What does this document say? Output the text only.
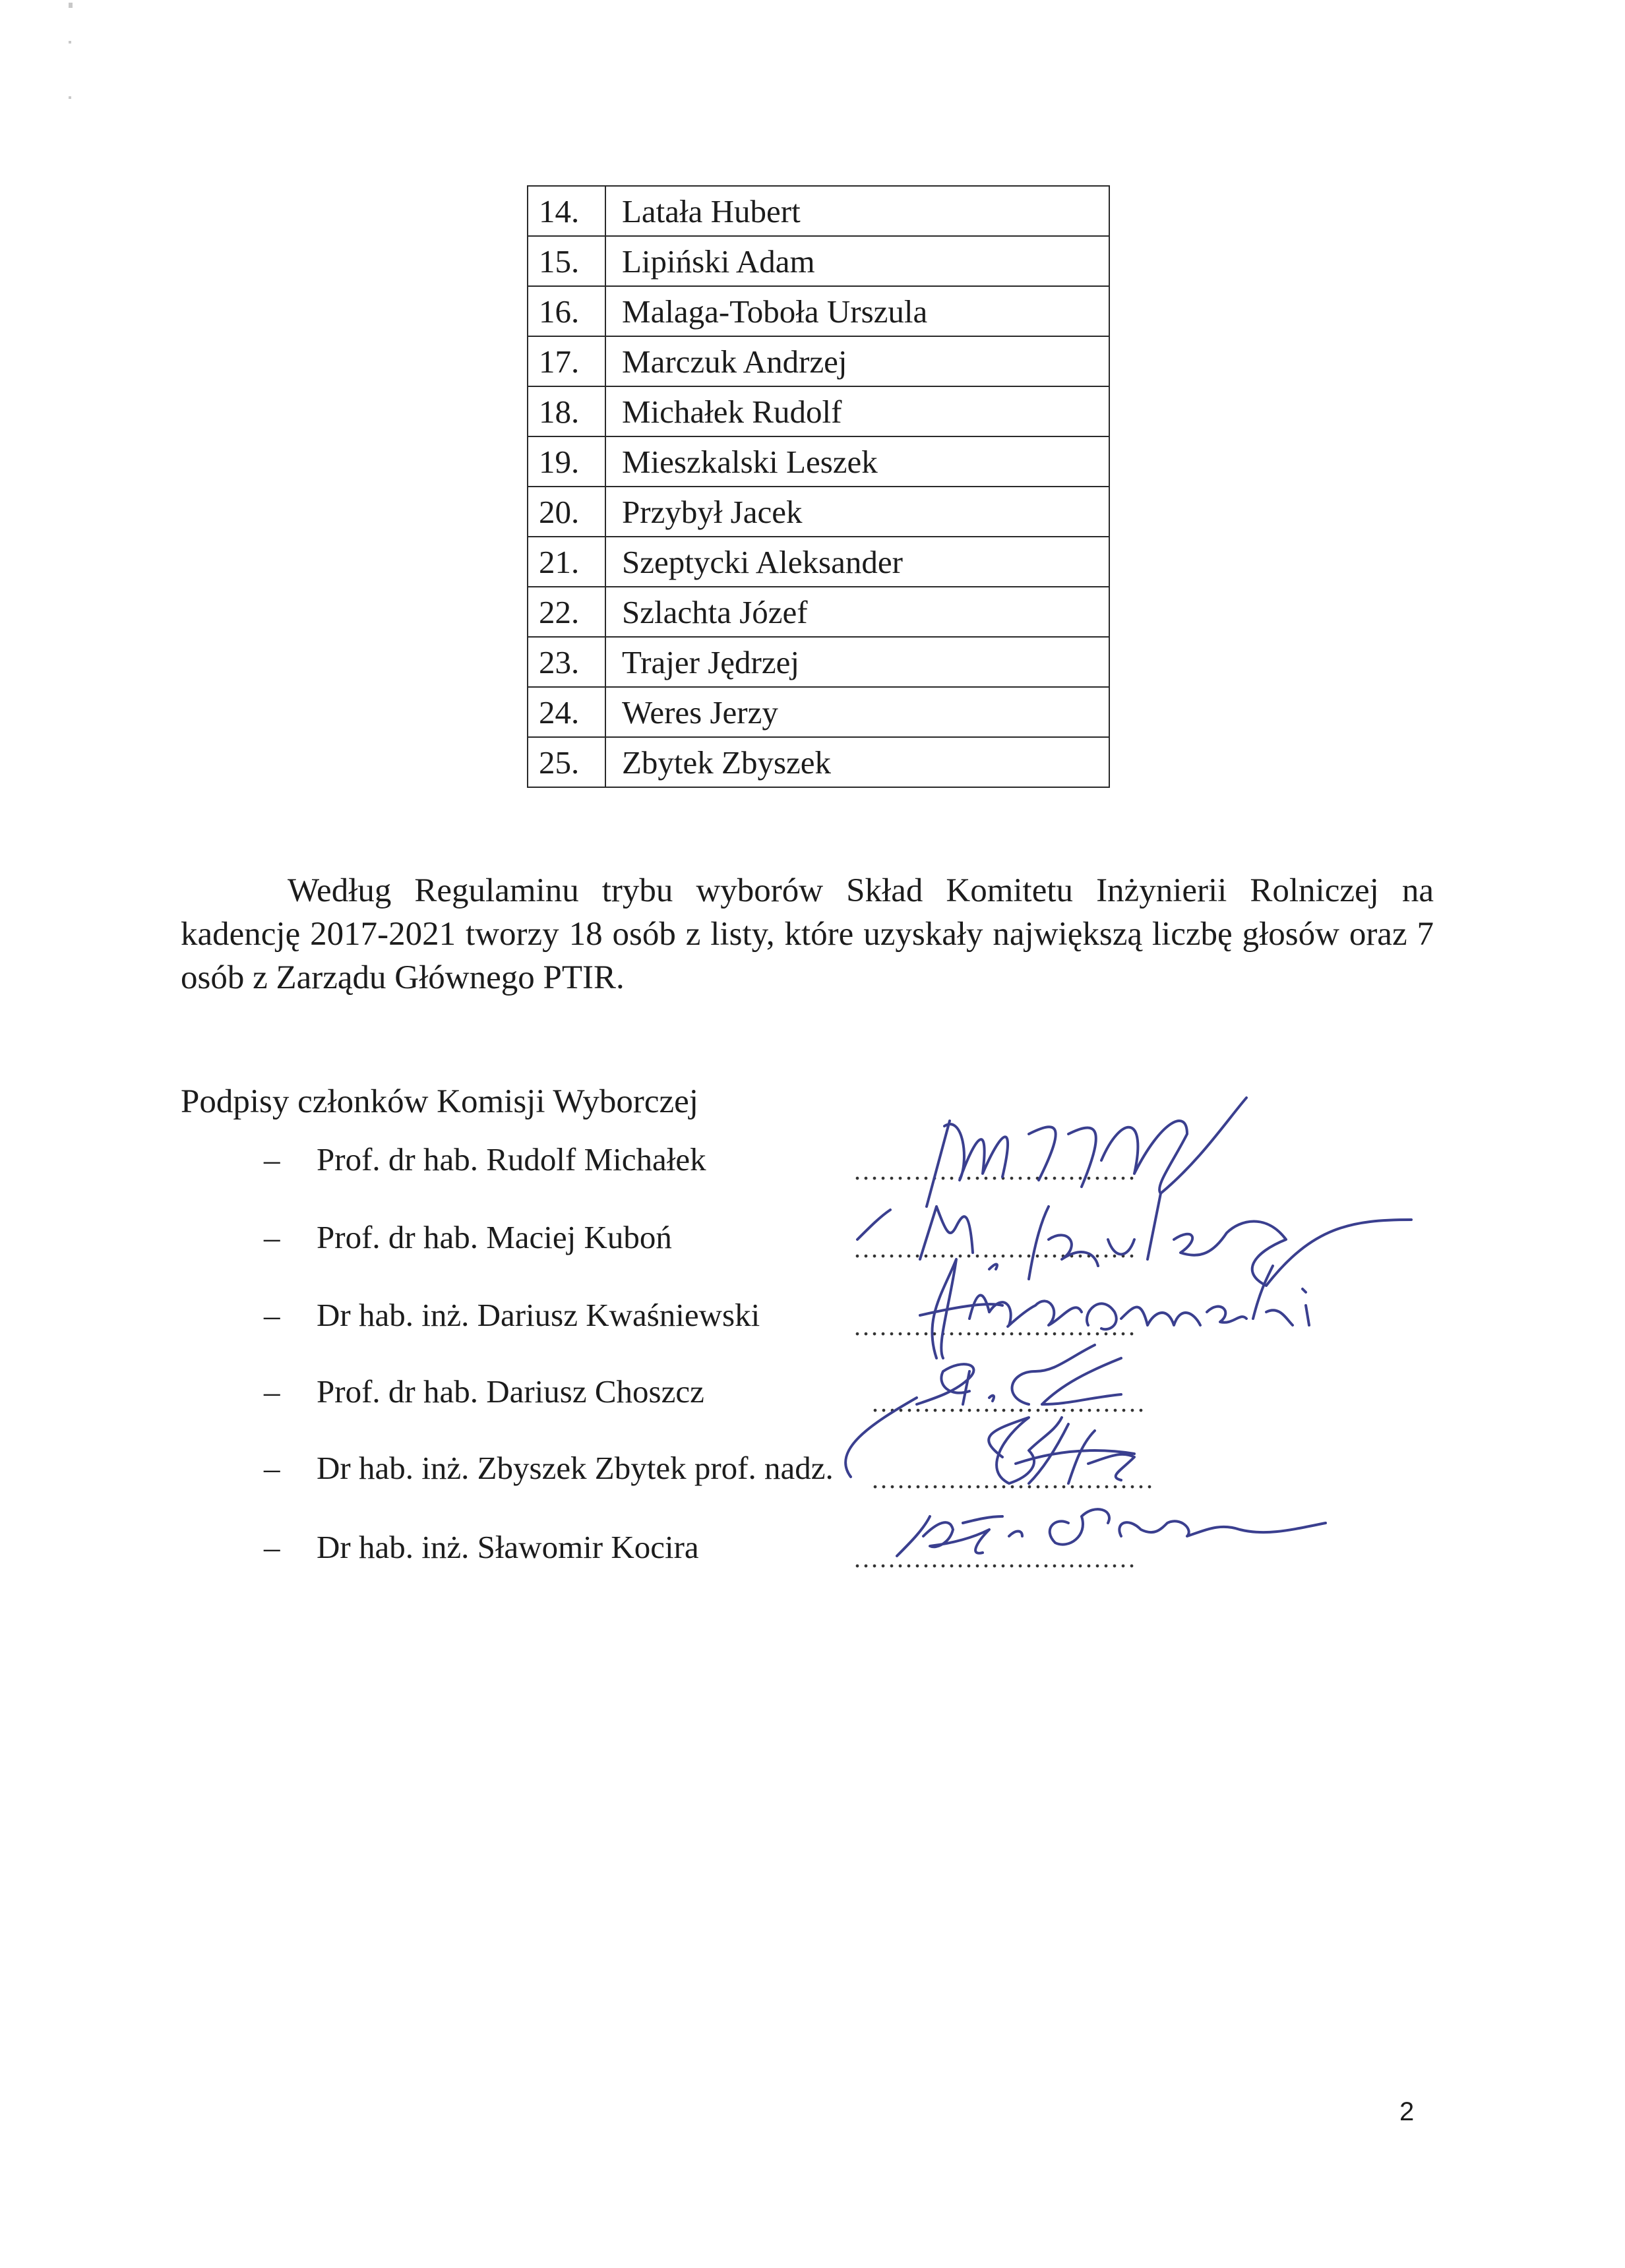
14.	Latała Hubert
15.	Lipiński Adam
16.	Malaga-Toboła Urszula
17.	Marczuk Andrzej
18.	Michałek Rudolf
19.	Mieszkalski Leszek
20.	Przybył Jacek
21.	Szeptycki Aleksander
22.	Szlachta Józef
23.	Trajer Jędrzej
24.	Weres Jerzy
25.	Zbytek Zbyszek

Według Regulaminu trybu wyborów Skład Komitetu Inżynierii Rolniczej na kadencję 2017-2021 tworzy 18 osób z listy, które uzyskały największą liczbę głosów oraz 7 osób z Zarządu Głównego PTIR.

Podpisy członków Komisji Wyborczej
– Prof. dr hab. Rudolf Michałek	.................................
– Prof. dr hab. Maciej Kuboń	.................................
– Dr hab. inż. Dariusz Kwaśniewski	.................................
– Prof. dr hab. Dariusz Choszcz	................................
– Dr hab. inż. Zbyszek Zbytek prof. nadz. .................................
– Dr hab. inż. Sławomir Kocira	.................................
2
